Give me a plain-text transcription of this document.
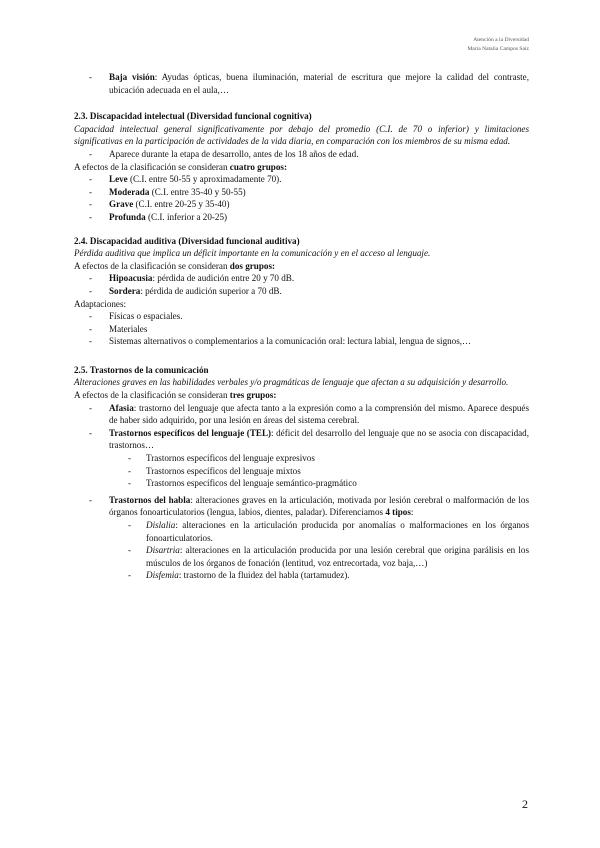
Atención a la Diversidad
María Natalia Campos Saiz
-	Baja visión: Ayudas ópticas, buena iluminación, material de escritura que mejore la calidad del contraste, ubicación adecuada en el aula,…
2.3. Discapacidad intelectual (Diversidad funcional cognitiva)
Capacidad intelectual general significativamente por debajo del promedio (C.I. de 70 o inferior) y limitaciones significativas en la participación de actividades de la vida diaria, en comparación con los miembros de su misma edad.
-	Aparece durante la etapa de desarrollo, antes de los 18 años de edad.
A efectos de la clasificación se consideran cuatro grupos:
-	Leve (C.I. entre 50-55 y aproximadamente 70).
-	Moderada (C.I. entre 35-40 y 50-55)
-	Grave (C.I. entre 20-25 y 35-40)
-	Profunda (C.I. inferior a 20-25)
2.4. Discapacidad auditiva (Diversidad funcional auditiva)
Pérdida auditiva que implica un déficit importante en la comunicación y en el acceso al lenguaje.
A efectos de la clasificación se consideran dos grupos:
-	Hipoacusia: pérdida de audición entre 20 y 70 dB.
-	Sordera: pérdida de audición superior a 70 dB.
Adaptaciones:
-	Físicas o espaciales.
-	Materiales
-	Sistemas alternativos o complementarios a la comunicación oral: lectura labial, lengua de signos,…
2.5. Trastornos de la comunicación
Alteraciones graves en las habilidades verbales y/o pragmáticas de lenguaje que afectan a su adquisición y desarrollo.
A efectos de la clasificación se consideran tres grupos:
-	Afasia: trastorno del lenguaje que afecta tanto a la expresión como a la comprensión del mismo. Aparece después de haber sido adquirido, por una lesión en áreas del sistema cerebral.
-	Trastornos específicos del lenguaje (TEL): déficit del desarrollo del lenguaje que no se asocia con discapacidad, trastornos…
-	Trastornos específicos del lenguaje expresivos
-	Trastornos específicos del lenguaje mixtos
-	Trastornos específicos del lenguaje semántico-pragmático
-	Trastornos del habla: alteraciones graves en la articulación, motivada por lesión cerebral o malformación de los órganos fonoarticulatorios (lengua, labios, dientes, paladar). Diferenciamos 4 tipos:
-	Dislalia: alteraciones en la articulación producida por anomalías o malformaciones en los órganos fonoarticulatorios.
-	Disartria: alteraciones en la articulación producida por una lesión cerebral que origina parálisis en los músculos de los órganos de fonación (lentitud, voz entrecortada, voz baja,…)
-	Disfemia: trastorno de la fluidez del habla (tartamudez).
2
